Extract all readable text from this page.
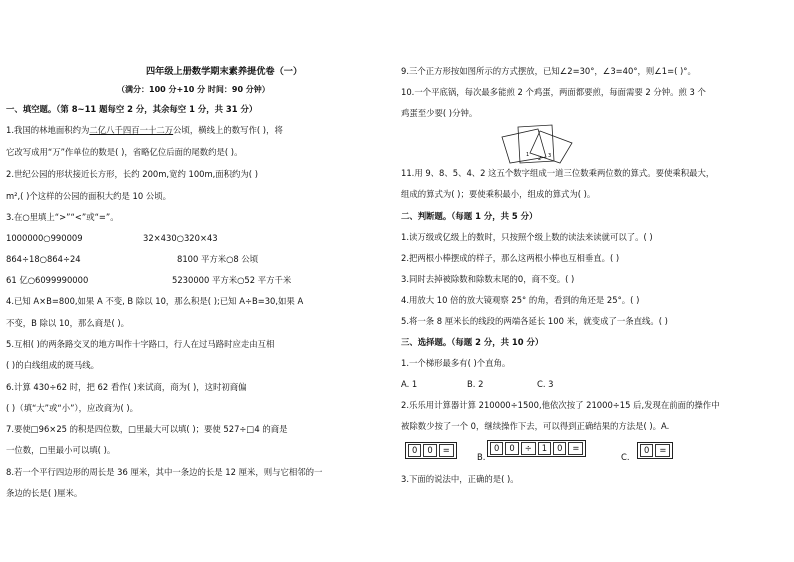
四年级上册数学期末素养提优卷（一）
（满分：100 分+10 分 时间：90 分钟）
一、填空题。（第 8~11 题每空 2 分，其余每空 1 分，共 31 分）
1.我国的林地面积约为二亿八千四百一十二万公顷，横线上的数写作( )，将
它改写成用“万”作单位的数是( )，省略亿位后面的尾数约是( )。
2.世纪公园的形状接近长方形，长约 200m,宽约 100m,面积约为( )
m²,( )个这样的公园的面积大约是 10 公顷。
3.在○里填上“>”“<”或“=”。
1000000○990009	32×430○320×43
864÷18○864÷24	8100 平方米○8 公顷
61 亿○6099990000	5230000 平方米○52 平方千米
4.已知 A×B=800,如果 A 不变, B 除以 10，那么积是( );已知 A÷B=30,如果 A
不变，B 除以 10，那么商是( )。
5.互相( )的两条路交叉的地方叫作十字路口，行人在过马路时应走由互相
( )的白线组成的斑马线。
6.计算 430÷62 时，把 62 看作( )来试商，商为( )，这时初商偏
( )（填“大”或“小”），应改商为( )。
7.要使□96×25 的积是四位数，□里最大可以填( )；要使 527÷□4 的商是
一位数，□里最小可以填( )。
8.若一个平行四边形的周长是 36 厘米，其中一条边的长是 12 厘米，则与它相邻的一
条边的长是( )厘米。
9.三个正方形按如图所示的方式摆放，已知∠2=30°，∠3=40°，则∠1=( )°。
10.一个平底锅，每次最多能煎 2 个鸡蛋，两面都要煎，每面需要 2 分钟。煎 3 个
鸡蛋至少要( )分钟。
1
2 3
11.用 9、8、5、4、2 这五个数字组成一道三位数乘两位数的算式。要使乘积最大，
组成的算式为( )；要使乘积最小，组成的算式为( )。
二、判断题。（每题 1 分，共 5 分）
1.读万级或亿级上的数时，只按照个级上数的读法来读就可以了。( )
2.把两根小棒摆成的样子，那么这两根小棒也互相垂直。( )
3.同时去掉被除数和除数末尾的0，商不变。( )
4.用放大 10 倍的放大镜观察 25° 的角，看到的角还是 25°。( )
5.将一条 8 厘米长的线段的两端各延长 100 米，就变成了一条直线。( )
三、选择题。（每题 2 分，共 10 分）
1.一个梯形最多有( )个直角。
A. 1	B. 2	C. 3
2.乐乐用计算器计算 210000÷1500,他依次按了 21000÷15 后,发现在前面的操作中
被除数少按了一个 0，继续操作下去，可以得到正确结果的方法是( )。A.
0 0 =
B.
0 0 ÷ 1 0 =
C.
0 =
3.下面的说法中，正确的是( )。
